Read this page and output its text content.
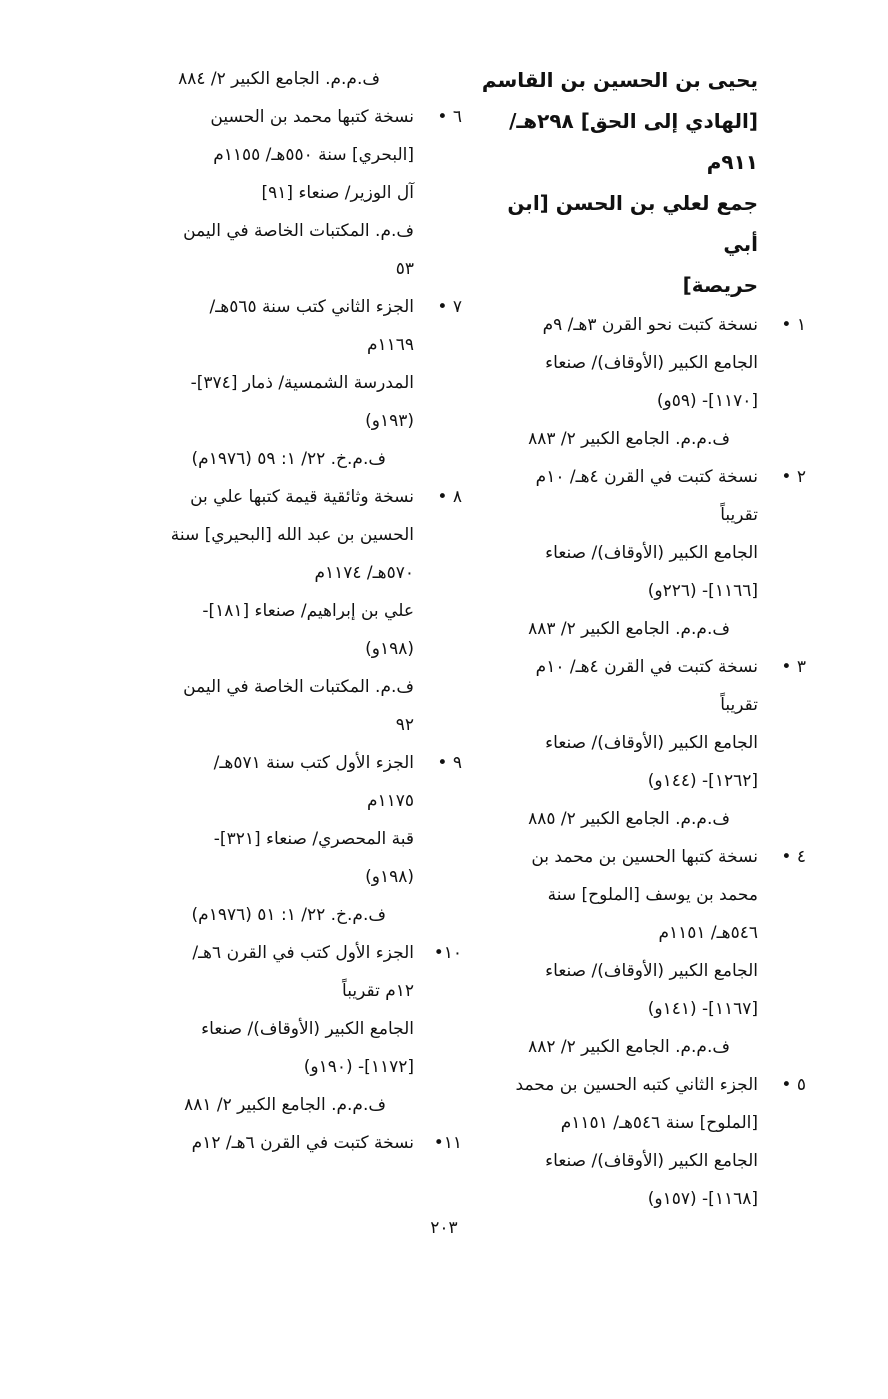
يحيى بن الحسين بن القاسم

[الهادي إلى الحق] ٢٩٨هـ/

٩١١م

جمع لعلي بن الحسن [ابن أبي

حريصة]

١ •

نسخة كتبت نحو القرن ٣هـ/ ٩م

الجامع الكبير (الأوقاف)/ صنعاء

[١١٧٠]- (٥٩و)

ف.م.م. الجامع الكبير ٢/ ٨٨٣

٢ •

نسخة كتبت في القرن ٤هـ/ ١٠م

تقريباً

الجامع الكبير (الأوقاف)/ صنعاء

[١١٦٦]- (٢٢٦و)

ف.م.م. الجامع الكبير ٢/ ٨٨٣

٣ •

نسخة كتبت في القرن ٤هـ/ ١٠م

تقريباً

الجامع الكبير (الأوقاف)/ صنعاء

[١٢٦٢]- (١٤٤و)

ف.م.م. الجامع الكبير ٢/ ٨٨٥

٤ •

نسخة كتبها الحسين بن محمد بن

محمد بن يوسف [الملوح] سنة

٥٤٦هـ/ ١١٥١م

الجامع الكبير (الأوقاف)/ صنعاء

[١١٦٧]- (١٤١و)

ف.م.م. الجامع الكبير ٢/ ٨٨٢

٥ •

الجزء الثاني كتبه الحسين بن محمد

[الملوح] سنة ٥٤٦هـ/ ١١٥١م

الجامع الكبير (الأوقاف)/ صنعاء

[١١٦٨]- (١٥٧و)

ف.م.م. الجامع الكبير ٢/ ٨٨٤

٦ •

نسخة كتبها محمد بن الحسين

[البحري] سنة ٥٥٠هـ/ ١١٥٥م

آل الوزير/ صنعاء [٩١]

ف.م. المكتبات الخاصة في اليمن

٥٣

٧ •

الجزء الثاني كتب سنة ٥٦٥هـ/

١١٦٩م

المدرسة الشمسية/ ذمار [٣٧٤]-

(١٩٣و)

ف.م.خ. ٢٢/ ١: ٥٩ (١٩٧٦م)

٨ •

نسخة وثائقية قيمة كتبها علي بن

الحسين بن عبد الله [البحيري] سنة

٥٧٠هـ/ ١١٧٤م

علي بن إبراهيم/ صنعاء [١٨١]-

(١٩٨و)

ف.م. المكتبات الخاصة في اليمن

٩٢

٩ •

الجزء الأول كتب سنة ٥٧١هـ/

١١٧٥م

قبة المحصري/ صنعاء [٣٢١]-

(١٩٨و)

ف.م.خ. ٢٢/ ١: ٥١ (١٩٧٦م)

١٠•

الجزء الأول كتب في القرن ٦هـ/

١٢م تقريباً

الجامع الكبير (الأوقاف)/ صنعاء

[١١٧٢]- (١٩٠و)

ف.م.م. الجامع الكبير ٢/ ٨٨١

١١•

نسخة كتبت في القرن ٦هـ/ ١٢م

٢٠٣
